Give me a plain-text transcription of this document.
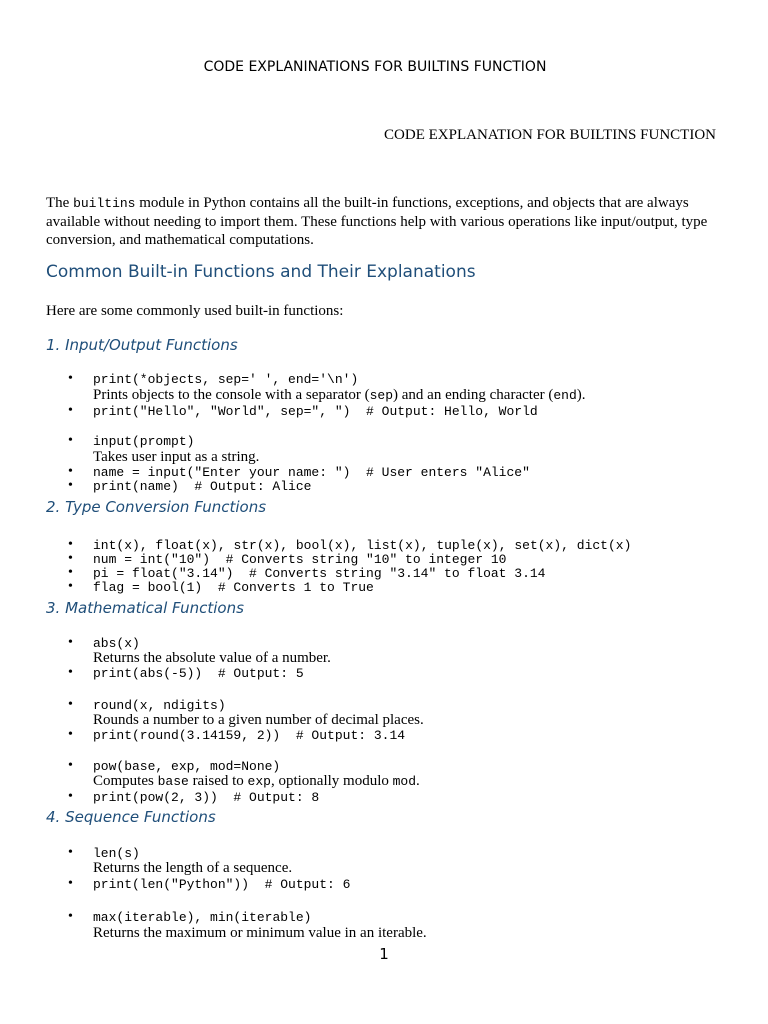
CODE EXPLANINATIONS FOR BUILTINS FUNCTION
CODE EXPLANATION FOR BUILTINS FUNCTION
The builtins module in Python contains all the built-in functions, exceptions, and objects that are always available without needing to import them. These functions help with various operations like input/output, type conversion, and mathematical computations.
Common Built-in Functions and Their Explanations
Here are some commonly used built-in functions:
1. Input/Output Functions
• print(*objects, sep=' ', end='\n')
Prints objects to the console with a separator (sep) and an ending character (end).
• print("Hello", "World", sep=", ")  # Output: Hello, World
• input(prompt)
Takes user input as a string.
• name = input("Enter your name: ")  # User enters "Alice"
• print(name)  # Output: Alice
2. Type Conversion Functions
• int(x), float(x), str(x), bool(x), list(x), tuple(x), set(x), dict(x)
• num = int("10")  # Converts string "10" to integer 10
• pi = float("3.14")  # Converts string "3.14" to float 3.14
• flag = bool(1)  # Converts 1 to True
3. Mathematical Functions
• abs(x)
Returns the absolute value of a number.
• print(abs(-5))  # Output: 5
• round(x, ndigits)
Rounds a number to a given number of decimal places.
• print(round(3.14159, 2))  # Output: 3.14
• pow(base, exp, mod=None)
Computes base raised to exp, optionally modulo mod.
• print(pow(2, 3))  # Output: 8
4. Sequence Functions
• len(s)
Returns the length of a sequence.
• print(len("Python"))  # Output: 6
• max(iterable), min(iterable)
Returns the maximum or minimum value in an iterable.
1
